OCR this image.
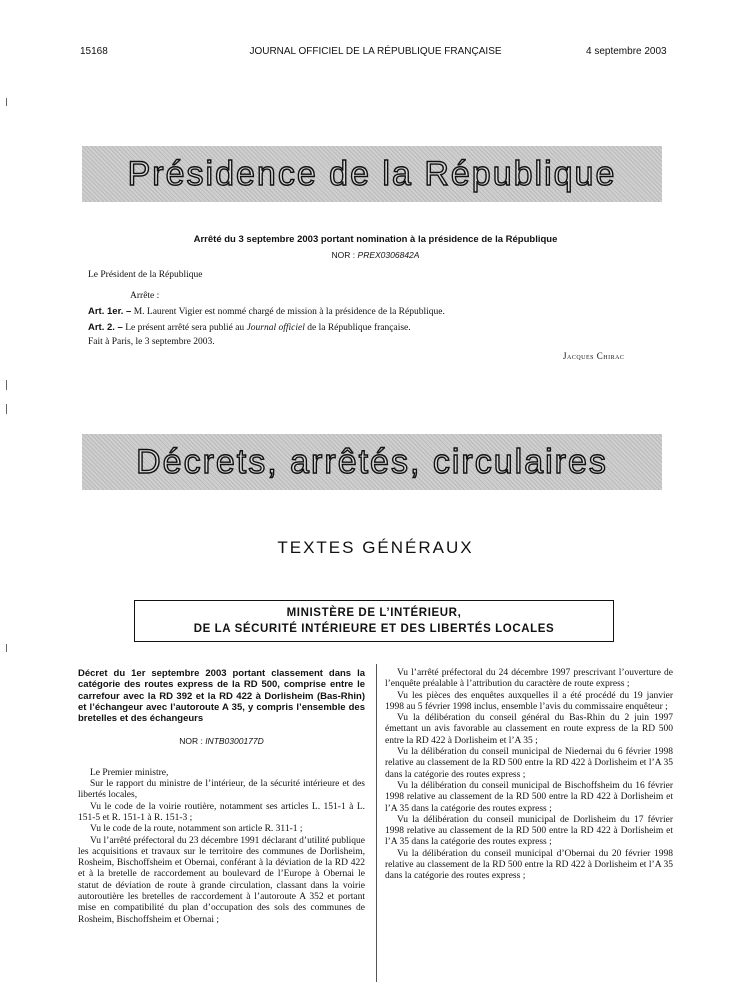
15168	JOURNAL OFFICIEL DE LA RÉPUBLIQUE FRANÇAISE	4 septembre 2003
Présidence de la République
Arrêté du 3 septembre 2003 portant nomination à la présidence de la République
NOR : PREX0306842A
Le Président de la République
Arrête :
Art. 1er. – M. Laurent Vigier est nommé chargé de mission à la présidence de la République.
Art. 2. – Le présent arrêté sera publié au Journal officiel de la République française.
Fait à Paris, le 3 septembre 2003.
Jacques Chirac
Décrets, arrêtés, circulaires
TEXTES GÉNÉRAUX
MINISTÈRE DE L’INTÉRIEUR,
DE LA SÉCURITÉ INTÉRIEURE ET DES LIBERTÉS LOCALES
Décret du 1er septembre 2003 portant classement dans la catégorie des routes express de la RD 500, comprise entre le carrefour avec la RD 392 et la RD 422 à Dorlisheim (Bas-Rhin) et l’échangeur avec l’autoroute A 35, y compris l’ensemble des bretelles et des échangeurs
NOR : INTB0300177D

Le Premier ministre,

Sur le rapport du ministre de l’intérieur, de la sécurité intérieure et des libertés locales,

Vu le code de la voirie routière, notamment ses articles L. 151-1 à L. 151-5 et R. 151-1 à R. 151-3 ;

Vu le code de la route, notamment son article R. 311-1 ;

Vu l’arrêté préfectoral du 23 décembre 1991 déclarant d’utilité publique les acquisitions et travaux sur le territoire des communes de Dorlisheim, Rosheim, Bischoffsheim et Obernai, conférant à la déviation de la RD 422 et à la bretelle de raccordement au boulevard de l’Europe à Obernai le statut de déviation de route à grande circulation, classant dans la voirie autoroutière les bretelles de raccordement à l’autoroute A 352 et portant mise en compatibilité du plan d’occupation des sols des communes de Rosheim, Bischoffsheim et Obernai ;

Vu l’arrêté préfectoral du 24 décembre 1997 prescrivant l’ouverture de l’enquête préalable à l’attribution du caractère de route express ;

Vu les pièces des enquêtes auxquelles il a été procédé du 19 janvier 1998 au 5 février 1998 inclus, ensemble l’avis du commissaire enquêteur ;

Vu la délibération du conseil général du Bas-Rhin du 2 juin 1997 émettant un avis favorable au classement en route express de la RD 500 entre la RD 422 à Dorlisheim et l’A 35 ;

Vu la délibération du conseil municipal de Niedernai du 6 février 1998 relative au classement de la RD 500 entre la RD 422 à Dorlisheim et l’A 35 dans la catégorie des routes express ;

Vu la délibération du conseil municipal de Bischoffsheim du 16 février 1998 relative au classement de la RD 500 entre la RD 422 à Dorlisheim et l’A 35 dans la catégorie des routes express ;

Vu la délibération du conseil municipal de Dorlisheim du 17 février 1998 relative au classement de la RD 500 entre la RD 422 à Dorlisheim et l’A 35 dans la catégorie des routes express ;

Vu la délibération du conseil municipal d’Obernai du 20 février 1998 relative au classement de la RD 500 entre la RD 422 à Dorlisheim et l’A 35 dans la catégorie des routes express ;
